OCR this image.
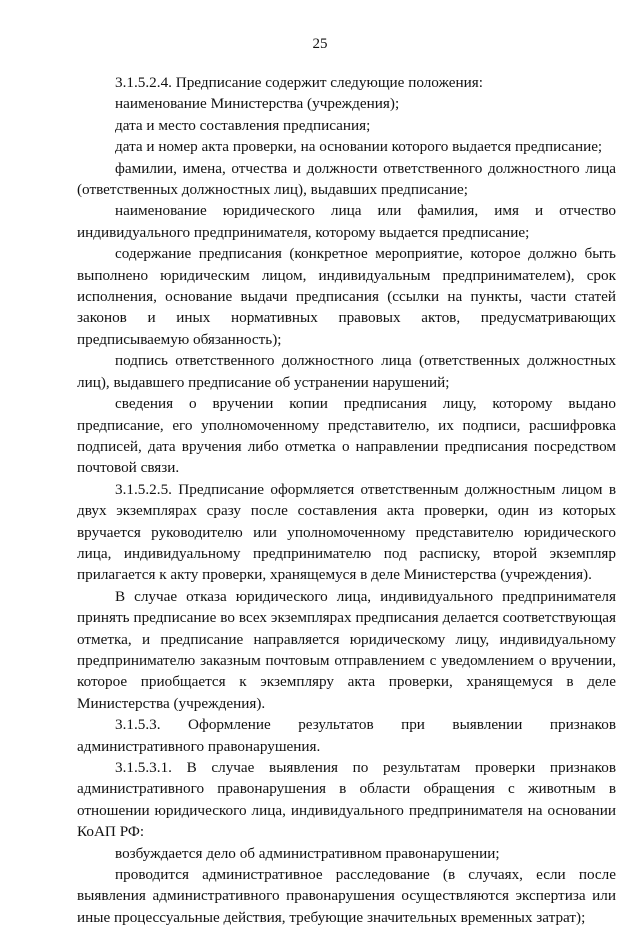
25

3.1.5.2.4. Предписание содержит следующие положения:

наименование Министерства (учреждения);

дата и место составления предписания;

дата и номер акта проверки, на основании которого выдается предписание;

фамилии, имена, отчества и должности ответственного должностного лица (ответственных должностных лиц), выдавших предписание;

наименование юридического лица или фамилия, имя и отчество индивидуального предпринимателя, которому выдается предписание;

содержание предписания (конкретное мероприятие, которое должно быть выполнено юридическим лицом, индивидуальным предпринимателем), срок исполнения, основание выдачи предписания (ссылки на пункты, части статей законов и иных нормативных правовых актов, предусматривающих предписываемую обязанность);

подпись ответственного должностного лица (ответственных должностных лиц), выдавшего предписание об устранении нарушений;

сведения о вручении копии предписания лицу, которому выдано предписание, его уполномоченному представителю, их подписи, расшифровка подписей, дата вручения либо отметка о направлении предписания посредством почтовой связи.

3.1.5.2.5. Предписание оформляется ответственным должностным лицом в двух экземплярах сразу после составления акта проверки, один из которых вручается руководителю или уполномоченному представителю юридического лица, индивидуальному предпринимателю под расписку, второй экземпляр прилагается к акту проверки, хранящемуся в деле Министерства (учреждения).

В случае отказа юридического лица, индивидуального предпринимателя принять предписание во всех экземплярах предписания делается соответствующая отметка, и предписание направляется юридическому лицу, индивидуальному предпринимателю заказным почтовым отправлением с уведомлением о вручении, которое приобщается к экземпляру акта проверки, хранящемуся в деле Министерства (учреждения).

3.1.5.3. Оформление результатов при выявлении признаков административного правонарушения.

3.1.5.3.1. В случае выявления по результатам проверки признаков административного правонарушения в области обращения с животным в отношении юридического лица, индивидуального предпринимателя на основании КоАП РФ:

возбуждается дело об административном правонарушении;

проводится административное расследование (в случаях, если после выявления административного правонарушения осуществляются экспертиза или иные процессуальные действия, требующие значительных временных затрат);
